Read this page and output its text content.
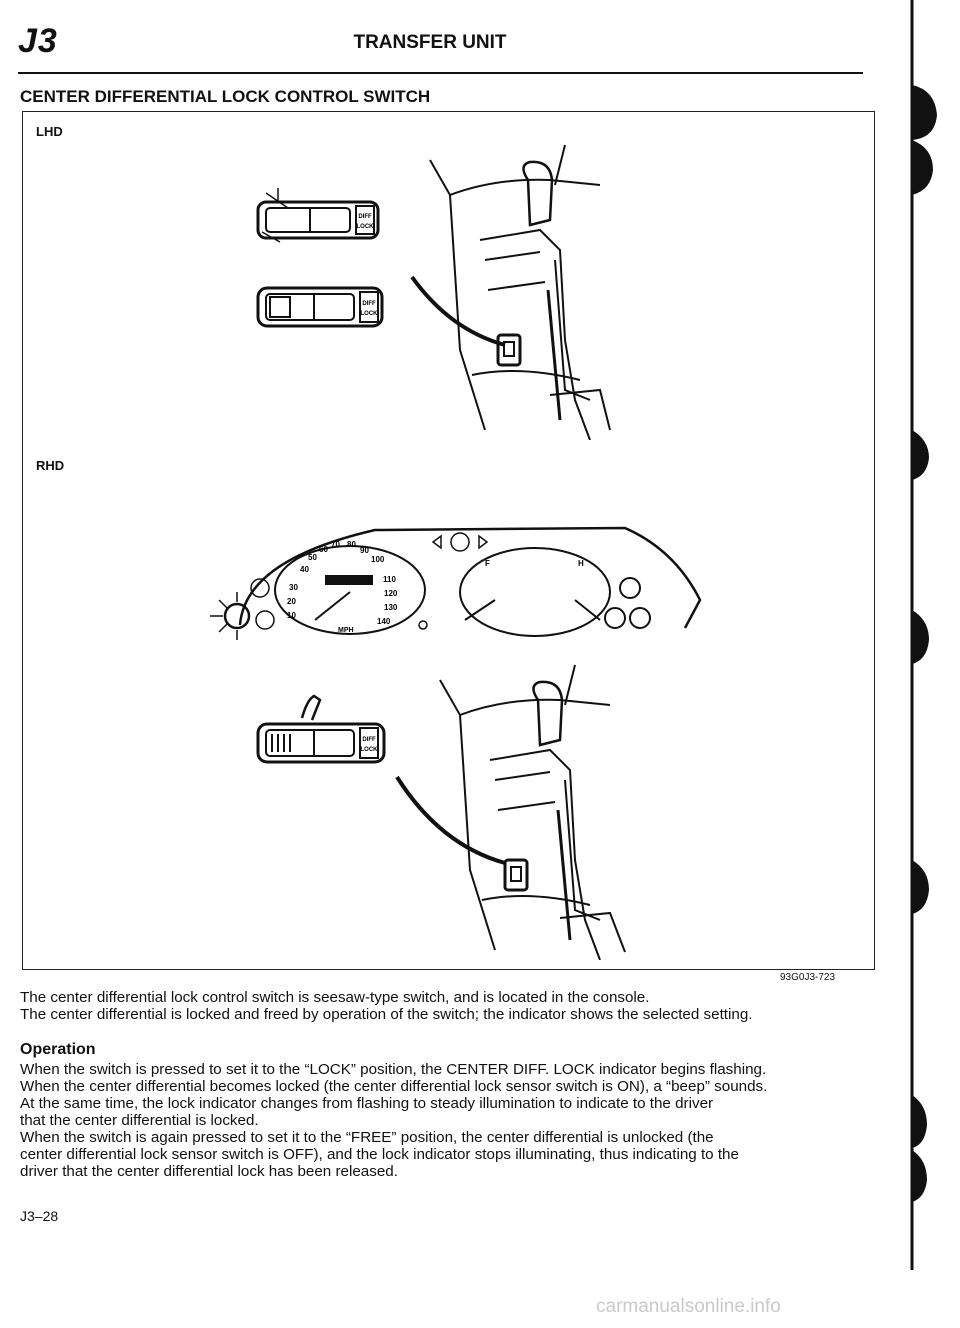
J3	TRANSFER UNIT
CENTER DIFFERENTIAL LOCK CONTROL SWITCH
LHD
RHD
DIFF
LOCK
DIFF
LOCK
10
20
30
40
50
60
70 80
90
100
110
120
130
140
MPH
F	H
DIFF
LOCK
93G0J3-723
The center differential lock control switch is seesaw-type switch, and is located in the console.
The center differential is locked and freed by operation of the switch; the indicator shows the selected setting.
Operation
When the switch is pressed to set it to the “LOCK” position, the CENTER DIFF. LOCK indicator begins flashing.
When the center differential becomes locked (the center differential lock sensor switch is ON), a “beep” sounds.
At the same time, the lock indicator changes from flashing to steady illumination to indicate to the driver
that the center differential is locked.
When the switch is again pressed to set it to the “FREE” position, the center differential is unlocked (the
center differential lock sensor switch is OFF), and the lock indicator stops illuminating, thus indicating to the
driver that the center differential lock has been released.
J3–28
carmanualsonline.info
